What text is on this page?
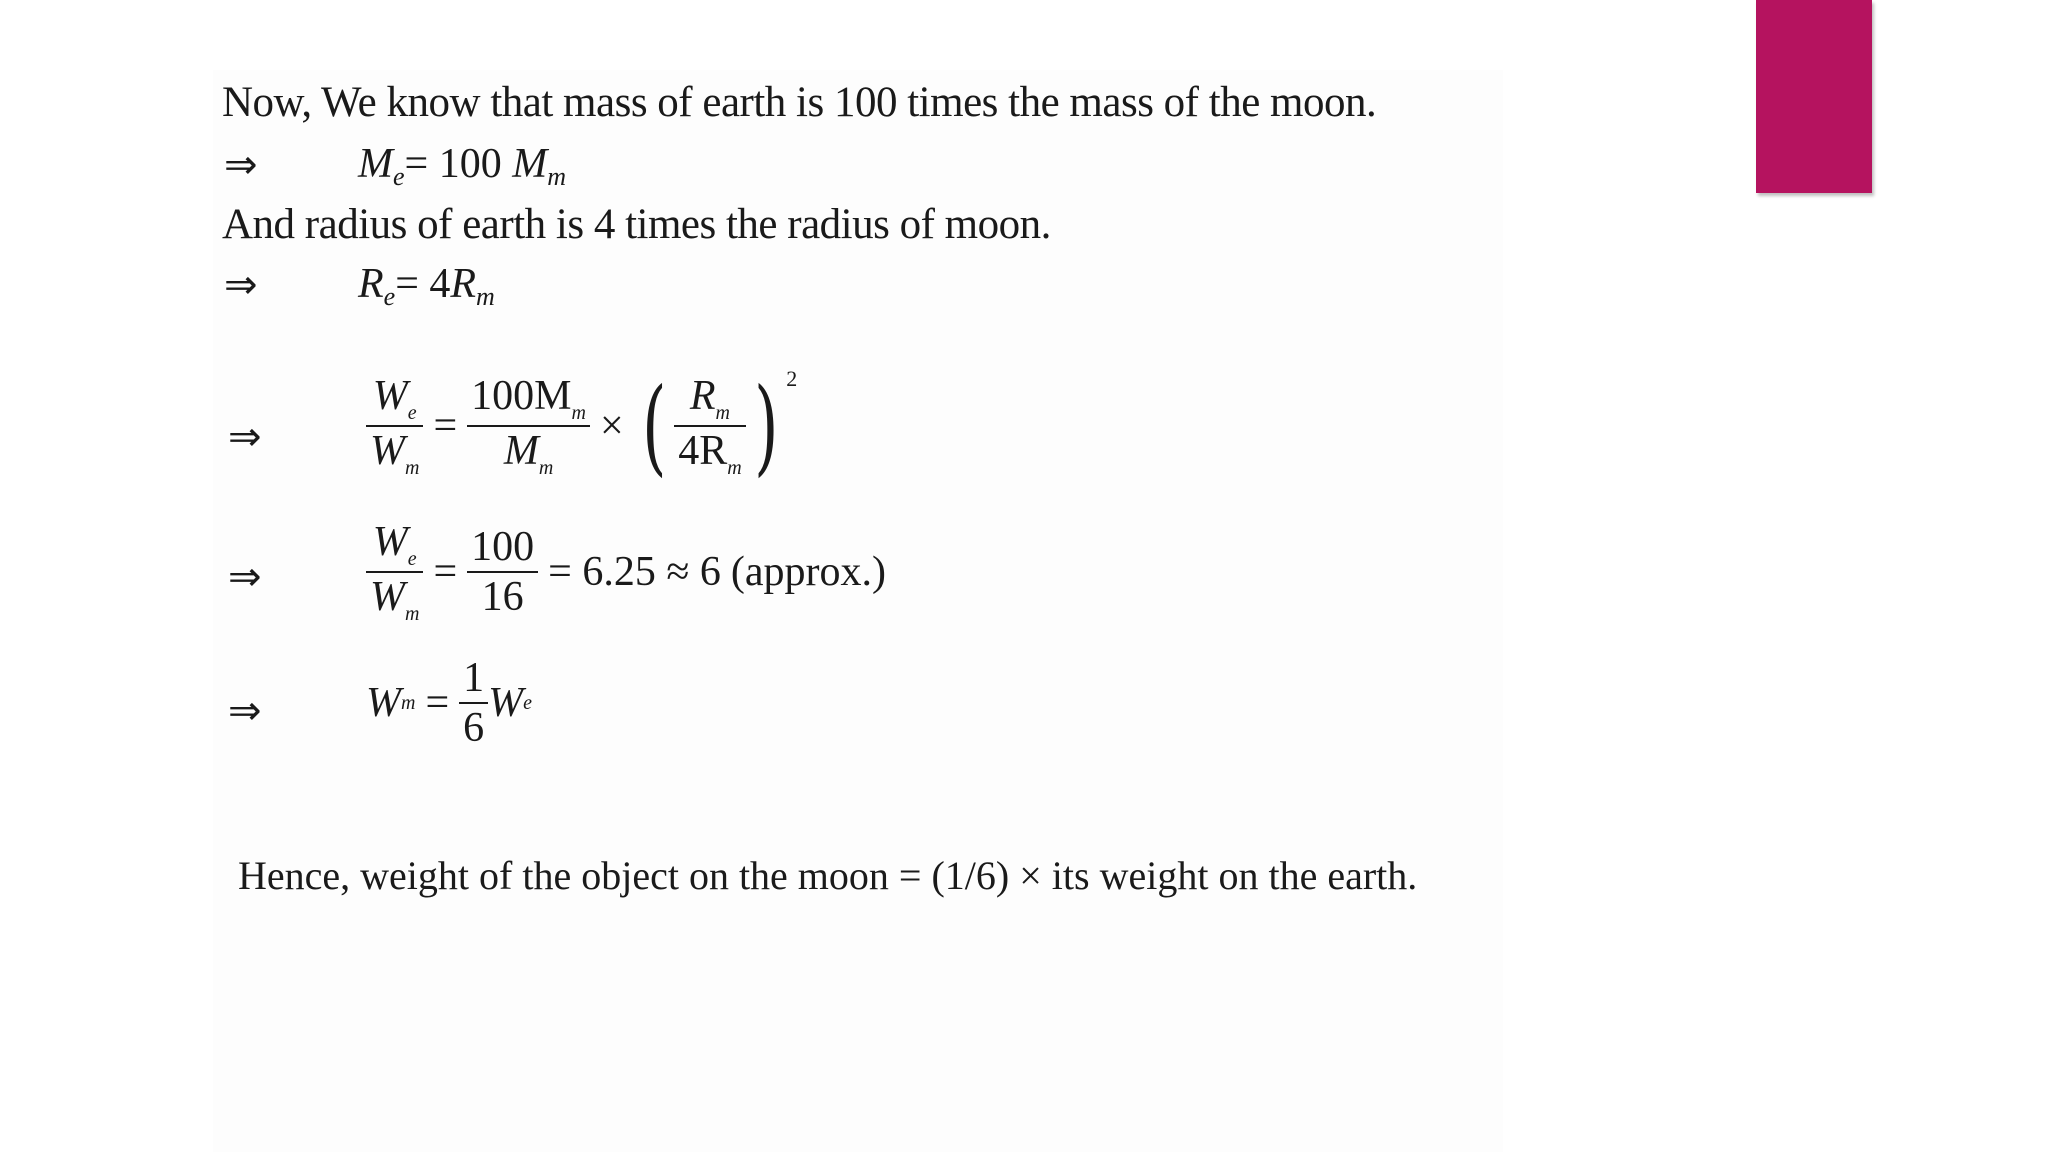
Now, We know that mass of earth is 100 times the mass of the moon.
⇒ $M_e= 100$ $M_m$
And radius of earth is 4 times the radius of moon.
⇒ $R_e= 4R_m$
⇒ $\frac{W_e}{W_m} = \frac{100M_m}{M_m}$ × ( $\frac{R_m}{4R_m}$ ) 2
⇒ $\frac{W_e}{W_m} = \frac{100}{16} = 6.25 \approx 6$ (approx.)
⇒ W $m = \frac{1}{6}$ W e
Hence, weight of the object on the moon = (1/6) × its weight on the earth.
